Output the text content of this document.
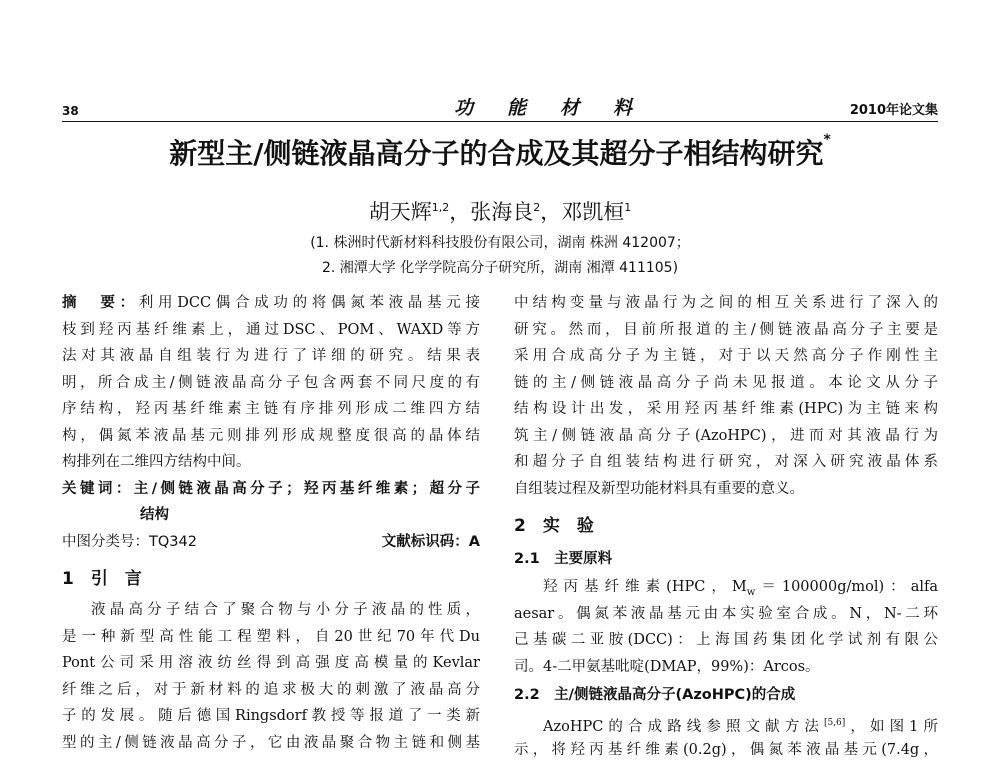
38	功能材料	2010年论文集
新型主/侧链液晶高分子的合成及其超分子相结构研究*
胡天辉$^{1,2}$，张海良$^2$，邓凯桓$^1$
(1. 株洲时代新材料科技股份有限公司，湖南 株洲 412007；
2. 湘潭大学 化学学院高分子研究所，湖南 湘潭 411105)
摘　要：利用DCC偶合成功的将偶氮苯液晶基元接
枝到羟丙基纤维素上，通过DSC、POM、WAXD等方
法对其液晶自组装行为进行了详细的研究。结果表
明，所合成主/侧链液晶高分子包含两套不同尺度的有
序结构，羟丙基纤维素主链有序排列形成二维四方结
构，偶氮苯液晶基元则排列形成规整度很高的晶体结
构排列在二维四方结构中间。
关键词：主/侧链液晶高分子；羟丙基纤维素；超分子
结构
中图分类号：TQ342	文献标识码：A
1　引　言
液晶高分子结合了聚合物与小分子液晶的性质，
是一种新型高性能工程塑料，自20世纪70年代Du
Pont公司采用溶液纺丝得到高强度高模量的Kevlar
纤维之后，对于新材料的追求极大的刺激了液晶高分
子的发展。随后德国Ringsdorf教授等报道了一类新
型的主/侧链液晶高分子，它由液晶聚合物主链和侧基
中结构变量与液晶行为之间的相互关系进行了深入的
研究。然而，目前所报道的主/侧链液晶高分子主要是
采用合成高分子为主链，对于以天然高分子作刚性主
链的主/侧链液晶高分子尚未见报道。本论文从分子
结构设计出发，采用羟丙基纤维素(HPC)为主链来构
筑主/侧链液晶高分子(AzoHPC)，进而对其液晶行为
和超分子自组装结构进行研究，对深入研究液晶体系
自组装过程及新型功能材料具有重要的意义。
2　实　验
2.1　主要原料
羟丙基纤维素(HPC，$M_w=100000g/mol$)：alfa
aesar。偶氮苯液晶基元由本实验室合成。N，N-二环
己基碳二亚胺(DCC)：上海国药集团化学试剂有限公
司。4-二甲氨基吡啶(DMAP，99%)：Arcos。
2.2　主/侧链液晶高分子(AzoHPC)的合成
AzoHPC的合成路线参照文献方法[5,6]，如图1所
示，将羟丙基纤维素(0.2g)，偶氮苯液晶基元(7.4g，
